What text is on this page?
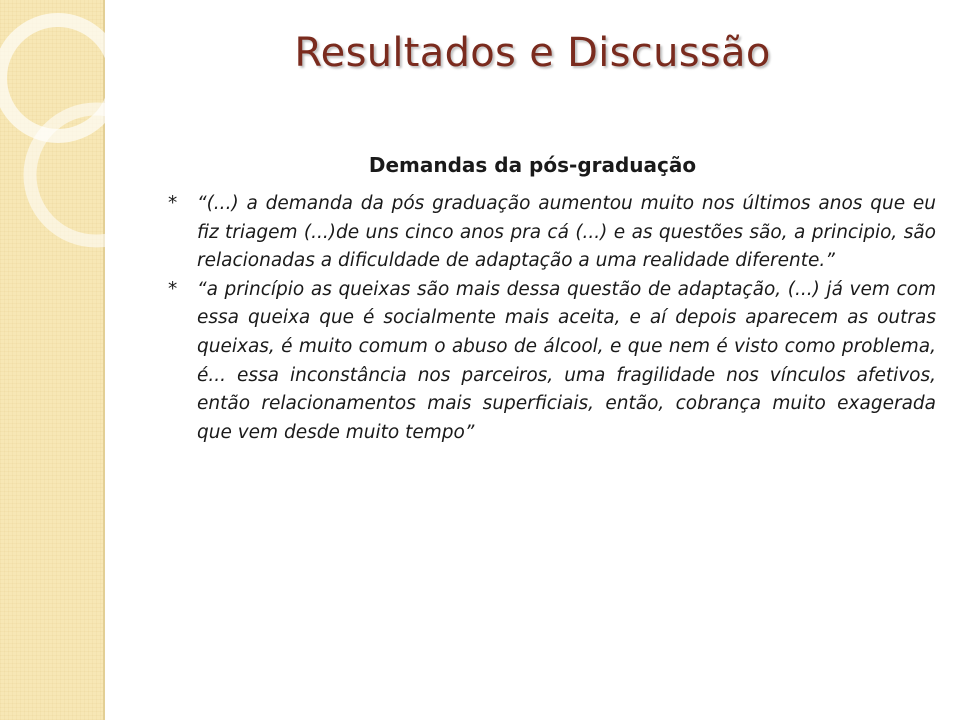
Resultados e Discussão
Demandas da pós-graduação
*	“(...) a demanda da pós graduação aumentou muito nos últimos anos que eu fiz triagem (...)de uns cinco anos pra cá (...) e as questões são, a principio, são relacionadas a dificuldade de adaptação a uma realidade diferente.”
*	“a princípio as queixas são mais dessa questão de adaptação, (...) já vem com essa queixa que é socialmente mais aceita, e aí depois aparecem as outras queixas, é muito comum o abuso de álcool, e que nem é visto como problema, é... essa inconstância nos parceiros, uma fragilidade nos vínculos afetivos, então relacionamentos mais superficiais, então, cobrança muito exagerada que vem desde muito tempo”
